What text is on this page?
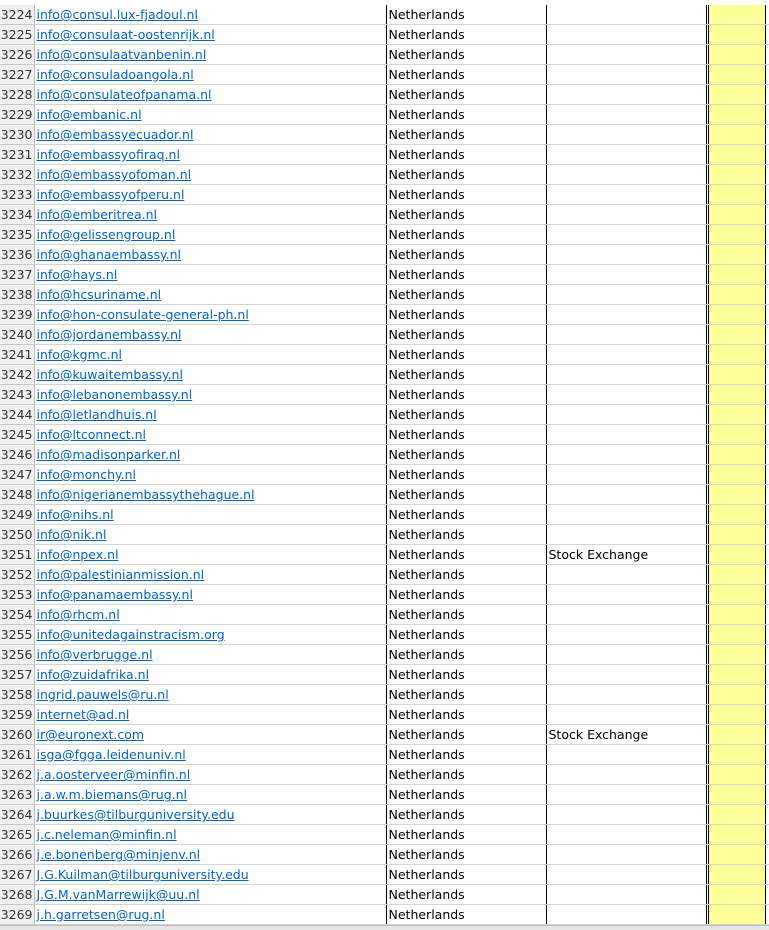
3224	info@consul.lux-fjadoul.nl	Netherlands				
3225	info@consulaat-oostenrijk.nl	Netherlands				
3226	info@consulaatvanbenin.nl	Netherlands				
3227	info@consuladoangola.nl	Netherlands				
3228	info@consulateofpanama.nl	Netherlands				
3229	info@embanic.nl	Netherlands				
3230	info@embassyecuador.nl	Netherlands				
3231	info@embassyofiraq.nl	Netherlands				
3232	info@embassyofoman.nl	Netherlands				
3233	info@embassyofperu.nl	Netherlands				
3234	info@emberitrea.nl	Netherlands				
3235	info@gelissengroup.nl	Netherlands				
3236	info@ghanaembassy.nl	Netherlands				
3237	info@hays.nl	Netherlands				
3238	info@hcsuriname.nl	Netherlands				
3239	info@hon-consulate-general-ph.nl	Netherlands				
3240	info@jordanembassy.nl	Netherlands				
3241	info@kgmc.nl	Netherlands				
3242	info@kuwaitembassy.nl	Netherlands				
3243	info@lebanonembassy.nl	Netherlands				
3244	info@letlandhuis.nl	Netherlands				
3245	info@ltconnect.nl	Netherlands				
3246	info@madisonparker.nl	Netherlands				
3247	info@monchy.nl	Netherlands				
3248	info@nigerianembassythehague.nl	Netherlands				
3249	info@nihs.nl	Netherlands				
3250	info@nik.nl	Netherlands				
3251	info@npex.nl	Netherlands	Stock Exchange			
3252	info@palestinianmission.nl	Netherlands				
3253	info@panamaembassy.nl	Netherlands				
3254	info@rhcm.nl	Netherlands				
3255	info@unitedagainstracism.org	Netherlands				
3256	info@verbrugge.nl	Netherlands				
3257	info@zuidafrika.nl	Netherlands				
3258	ingrid.pauwels@ru.nl	Netherlands				
3259	internet@ad.nl	Netherlands				
3260	ir@euronext.com	Netherlands	Stock Exchange			
3261	isga@fgga.leidenuniv.nl	Netherlands				
3262	j.a.oosterveer@minfin.nl	Netherlands				
3263	j.a.w.m.biemans@rug.nl	Netherlands				
3264	j.buurkes@tilburguniversity.edu	Netherlands				
3265	j.c.neleman@minfin.nl	Netherlands				
3266	j.e.bonenberg@minjenv.nl	Netherlands				
3267	J.G.Kuilman@tilburguniversity.edu	Netherlands				
3268	J.G.M.vanMarrewijk@uu.nl	Netherlands				
3269	j.h.garretsen@rug.nl	Netherlands				
